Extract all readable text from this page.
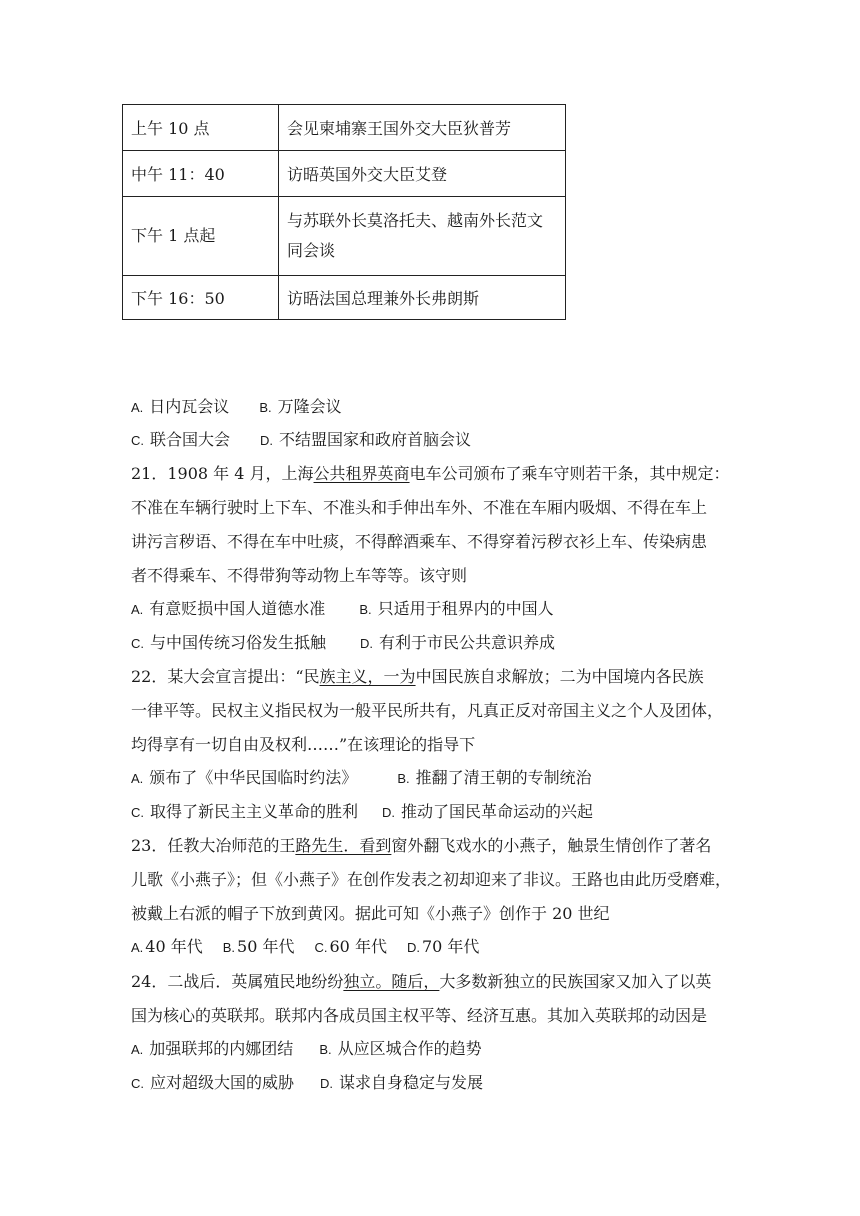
上午 10 点	会见柬埔寨王国外交大臣狄普芳
中午 11：40	访晤英国外交大臣艾登
下午 1 点起	与苏联外长莫洛托夫、越南外长范文
同会谈
下午 16：50	访晤法国总理兼外长弗朗斯
A. 日内瓦会议 B. 万隆会议
C. 联合国大会 D. 不结盟国家和政府首脑会议
21．1908 年 4 月，上海公共租界英商电车公司颁布了乘车守则若干条，其中规定：
不准在车辆行驶时上下车、不准头和手伸出车外、不准在车厢内吸烟、不得在车上
讲污言秽语、不得在车中吐痰，不得醉酒乘车、不得穿着污秽衣衫上车、传染病患
者不得乘车、不得带狗等动物上车等等。该守则
A. 有意贬损中国人道德水准	B. 只适用于租界内的中国人
C. 与中国传统习俗发生抵触	D. 有利于市民公共意识养成
22．某大会宣言提出：“民族主义，一为中国民族自求解放；二为中国境内各民族
一律平等。民权主义指民权为一般平民所共有，凡真正反对帝国主义之个人及团体，
均得享有一切自由及权利……”在该理论的指导下
A. 颁布了《中华民国临时约法》	B. 推翻了清王朝的专制统治
C. 取得了新民主主义革命的胜利 D. 推动了国民革命运动的兴起
23．任教大冶师范的王路先生．看到窗外翻飞戏水的小燕子，触景生情创作了著名
儿歌《小燕子》；但《小燕子》在创作发表之初却迎来了非议。王路也由此历受磨难，
被戴上右派的帽子下放到黄冈。据此可知《小燕子》创作于 20 世纪
A. 40 年代 B. 50 年代 C. 60 年代 D. 70 年代
24．二战后．英属殖民地纷纷独立。随后，大多数新独立的民族国家又加入了以英
国为核心的英联邦。联邦内各成员国主权平等、经济互惠。其加入英联邦的动因是
A. 加强联邦的内娜团结 B. 从应区城合作的趋势
C. 应对超级大国的威胁 D. 谋求自身稳定与发展
